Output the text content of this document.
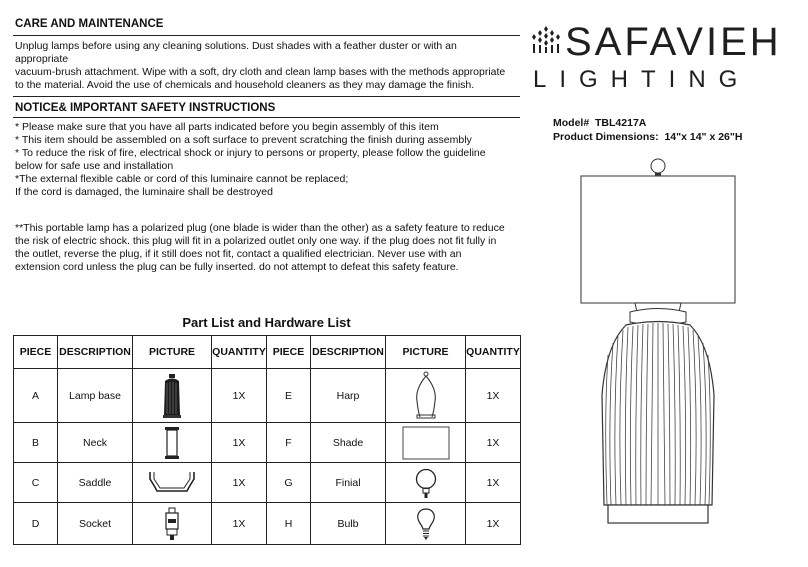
CARE AND MAINTENANCE
Unplug lamps before using any cleaning solutions. Dust shades with a feather duster or with an
appropriate
vacuum-brush attachment. Wipe with a soft, dry cloth and clean lamp bases with the methods appropriate
to the material. Avoid the use of chemicals and household cleaners as they may damage the finish.
NOTICE& IMPORTANT SAFETY INSTRUCTIONS
* Please make sure that you have all parts indicated before you begin assembly of this item
* This item should be assembled on a soft surface to prevent scratching the finish during assembly
* To reduce the risk of fire, electrical shock or injury to persons or property, please follow the guideline
below for safe use and installation
*The external flexible cable or cord of this luminaire cannot be replaced;
If the cord is damaged, the luminaire shall be destroyed
**This portable lamp has a polarized plug (one blade is wider than the other) as a safety feature to reduce
the risk of electric shock. this plug will fit in a polarized outlet only one way. if the plug does not fit fully in
the outlet, reverse the plug, if it still does not fit, contact a qualified electrician. Never use with an
extension cord unless the plug can be fully inserted. do not attempt to defeat this safety feature.
Part List and Hardware List
PIECE	DESCRIPTION	PICTURE	QUANTITY	PIECE	DESCRIPTION	PICTURE	QUANTITY
A	Lamp base		1X	E	Harp		1X
B	Neck		1X	F	Shade		1X
C	Saddle		1X	G	Finial		1X
D	Socket		1X	H	Bulb		1X
SAFAVIEH
LIGHTING
Model# TBL4217A
Product Dimensions: 14"x 14" x 26"H
